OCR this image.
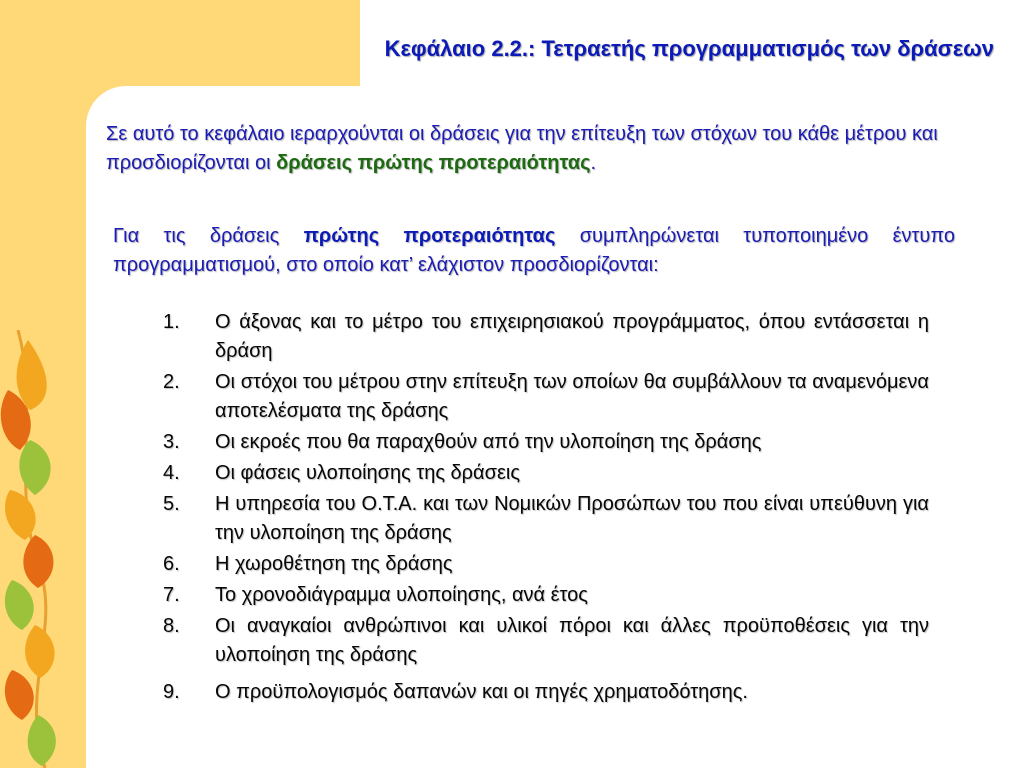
Κεφάλαιο 2.2.: Τετραετής προγραμματισμός των δράσεων
Σε αυτό το κεφάλαιο ιεραρχούνται οι δράσεις για την επίτευξη των στόχων του κάθε μέτρου και προσδιορίζονται οι δράσεις πρώτης προτεραιότητας.
Για τις δράσεις πρώτης προτεραιότητας συμπληρώνεται τυποποιημένο έντυπο προγραμματισμού, στο οποίο κατ’ ελάχιστον προσδιορίζονται:
1.	Ο άξονας και το μέτρο του επιχειρησιακού προγράμματος, όπου εντάσσεται η δράση
2.	Οι στόχοι του μέτρου στην επίτευξη των οποίων θα συμβάλλουν τα αναμενόμενα αποτελέσματα της δράσης
3.	Οι εκροές που θα παραχθούν από την υλοποίηση της δράσης
4.	Οι φάσεις υλοποίησης της δράσεις
5.	Η υπηρεσία του Ο.Τ.Α. και των Νομικών Προσώπων του που είναι υπεύθυνη για την υλοποίηση της δράσης
6.	Η χωροθέτηση της δράσης
7.	Το χρονοδιάγραμμα υλοποίησης, ανά έτος
8.	Οι αναγκαίοι ανθρώπινοι και υλικοί πόροι και άλλες προϋποθέσεις για την υλοποίηση της δράσης
9.	Ο προϋπολογισμός δαπανών και οι πηγές χρηματοδότησης.
